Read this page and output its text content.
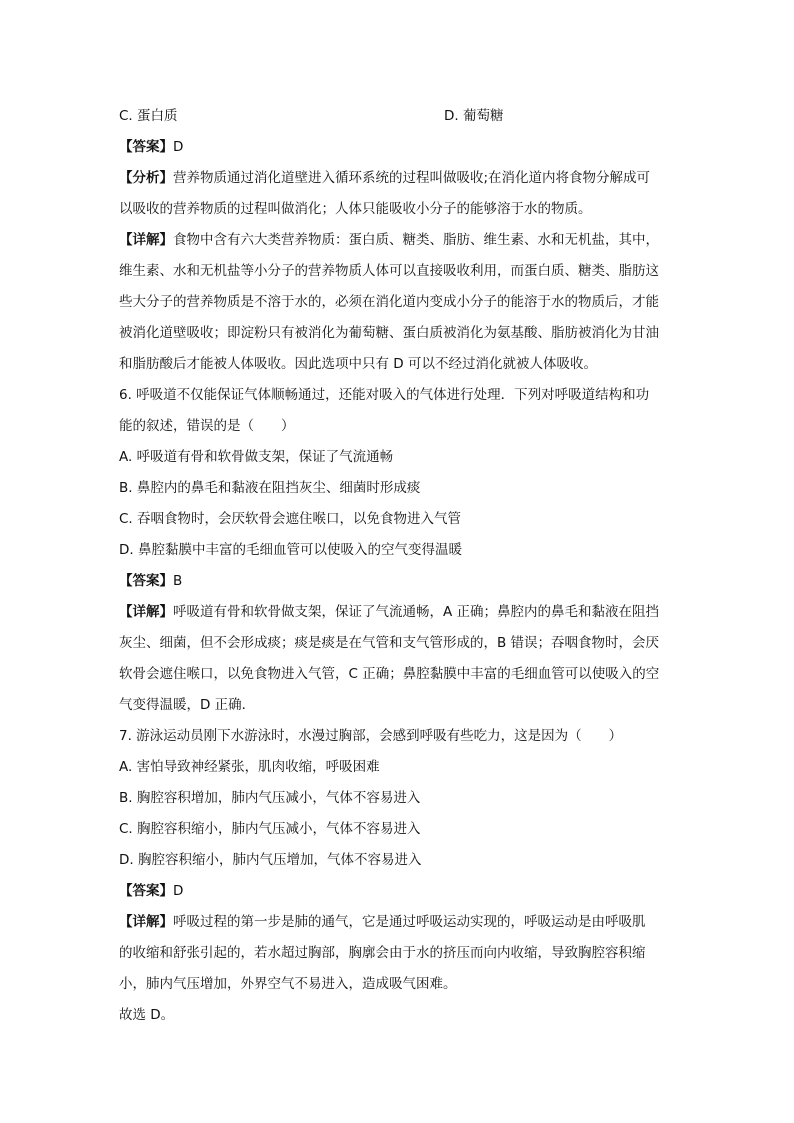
C. 蛋白质	D. 葡萄糖
【答案】D
【分析】营养物质通过消化道壁进入循环系统的过程叫做吸收;在消化道内将食物分解成可
以吸收的营养物质的过程叫做消化；人体只能吸收小分子的能够溶于水的物质。
【详解】食物中含有六大类营养物质：蛋白质、糖类、脂肪、维生素、水和无机盐，其中，
维生素、水和无机盐等小分子的营养物质人体可以直接吸收利用，而蛋白质、糖类、脂肪这
些大分子的营养物质是不溶于水的，必须在消化道内变成小分子的能溶于水的物质后，才能
被消化道壁吸收；即淀粉只有被消化为葡萄糖、蛋白质被消化为氨基酸、脂肪被消化为甘油
和脂肪酸后才能被人体吸收。因此选项中只有 D 可以不经过消化就被人体吸收。
6. 呼吸道不仅能保证气体顺畅通过，还能对吸入的气体进行处理．下列对呼吸道结构和功
能的叙述，错误的是（　　）
A. 呼吸道有骨和软骨做支架，保证了气流通畅
B. 鼻腔内的鼻毛和黏液在阻挡灰尘、细菌时形成痰
C. 吞咽食物时，会厌软骨会遮住喉口，以免食物进入气管
D. 鼻腔黏膜中丰富的毛细血管可以使吸入的空气变得温暖
【答案】B
【详解】呼吸道有骨和软骨做支架，保证了气流通畅，A 正确；鼻腔内的鼻毛和黏液在阻挡
灰尘、细菌，但不会形成痰；痰是痰是在气管和支气管形成的，B 错误；吞咽食物时，会厌
软骨会遮住喉口，以免食物进入气管，C 正确；鼻腔黏膜中丰富的毛细血管可以使吸入的空
气变得温暖，D 正确．
7. 游泳运动员刚下水游泳时，水漫过胸部，会感到呼吸有些吃力，这是因为（　　）
A. 害怕导致神经紧张，肌肉收缩，呼吸困难
B. 胸腔容积增加，肺内气压减小，气体不容易进入
C. 胸腔容积缩小，肺内气压减小，气体不容易进入
D. 胸腔容积缩小，肺内气压增加，气体不容易进入
【答案】D
【详解】呼吸过程的第一步是肺的通气，它是通过呼吸运动实现的，呼吸运动是由呼吸肌
的收缩和舒张引起的，若水超过胸部，胸廓会由于水的挤压而向内收缩，导致胸腔容积缩
小，肺内气压增加，外界空气不易进入，造成吸气困难。
故选 D。
